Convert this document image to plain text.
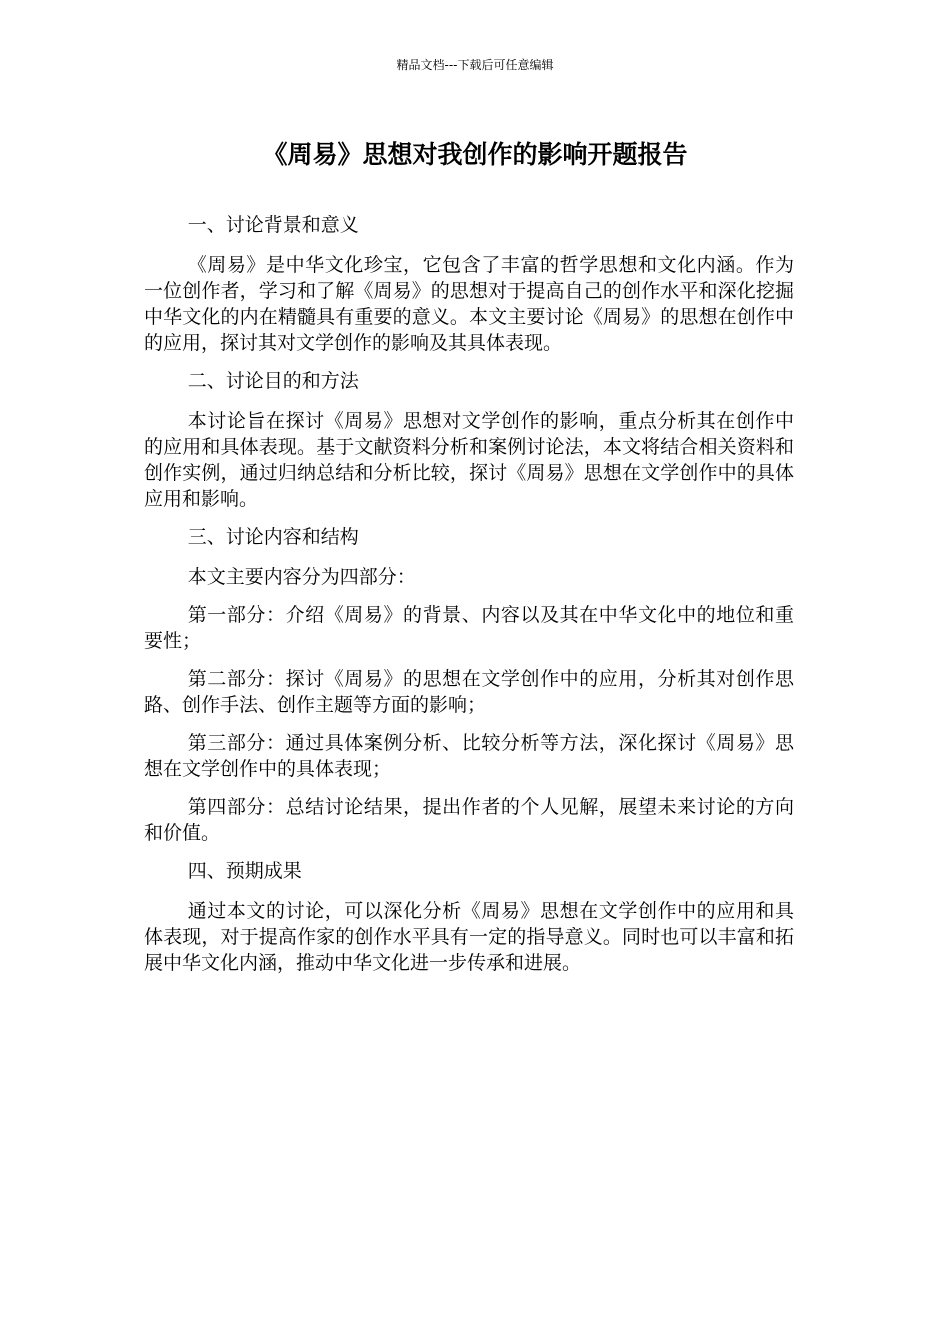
精品文档---下载后可任意编辑
《周易》思想对我创作的影响开题报告

一、讨论背景和意义

《周易》是中华文化珍宝，它包含了丰富的哲学思想和文化内涵。作为一位创作者，学习和了解《周易》的思想对于提高自己的创作水平和深化挖掘中华文化的内在精髓具有重要的意义。本文主要讨论《周易》的思想在创作中的应用，探讨其对文学创作的影响及其具体表现。

二、讨论目的和方法

本讨论旨在探讨《周易》思想对文学创作的影响，重点分析其在创作中的应用和具体表现。基于文献资料分析和案例讨论法，本文将结合相关资料和创作实例，通过归纳总结和分析比较，探讨《周易》思想在文学创作中的具体应用和影响。

三、讨论内容和结构

本文主要内容分为四部分：

第一部分：介绍《周易》的背景、内容以及其在中华文化中的地位和重要性；

第二部分：探讨《周易》的思想在文学创作中的应用，分析其对创作思路、创作手法、创作主题等方面的影响；

第三部分：通过具体案例分析、比较分析等方法，深化探讨《周易》思想在文学创作中的具体表现；

第四部分：总结讨论结果，提出作者的个人见解，展望未来讨论的方向和价值。

四、预期成果

通过本文的讨论，可以深化分析《周易》思想在文学创作中的应用和具体表现，对于提高作家的创作水平具有一定的指导意义。同时也可以丰富和拓展中华文化内涵，推动中华文化进一步传承和进展。
